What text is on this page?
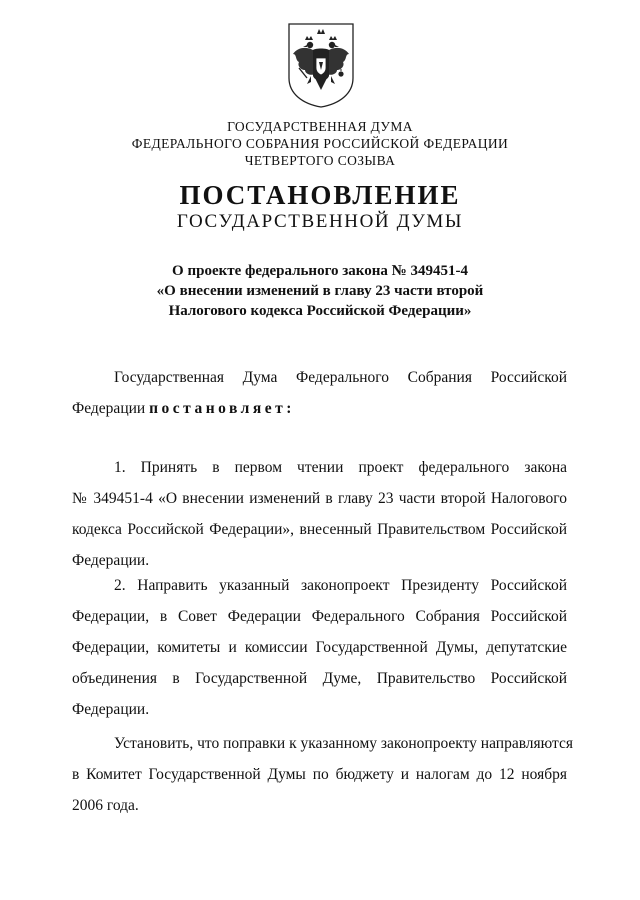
ГОСУДАРСТВЕННАЯ ДУМА
ФЕДЕРАЛЬНОГО СОБРАНИЯ РОССИЙСКОЙ ФЕДЕРАЦИИ
ЧЕТВЕРТОГО СОЗЫВА
ПОСТАНОВЛЕНИЕ
ГОСУДАРСТВЕННОЙ ДУМЫ
О проекте федерального закона № 349451-4
«О внесении изменений в главу 23 части второй
Налогового кодекса Российской Федерации»
Государственная Дума Федерального Собрания Российской
Федерации постановляет:
1. Принять в первом чтении проект федерального закона
№ 349451-4 «О внесении изменений в главу 23 части второй Налогового
кодекса Российской Федерации», внесенный Правительством Российской
Федерации.
2. Направить указанный законопроект Президенту Российской
Федерации, в Совет Федерации Федерального Собрания Российской
Федерации, комитеты и комиссии Государственной Думы, депутатские
объединения в Государственной Думе, Правительство Российской
Федерации.
Установить, что поправки к указанному законопроекту направляются
в Комитет Государственной Думы по бюджету и налогам до 12 ноября
2006 года.
